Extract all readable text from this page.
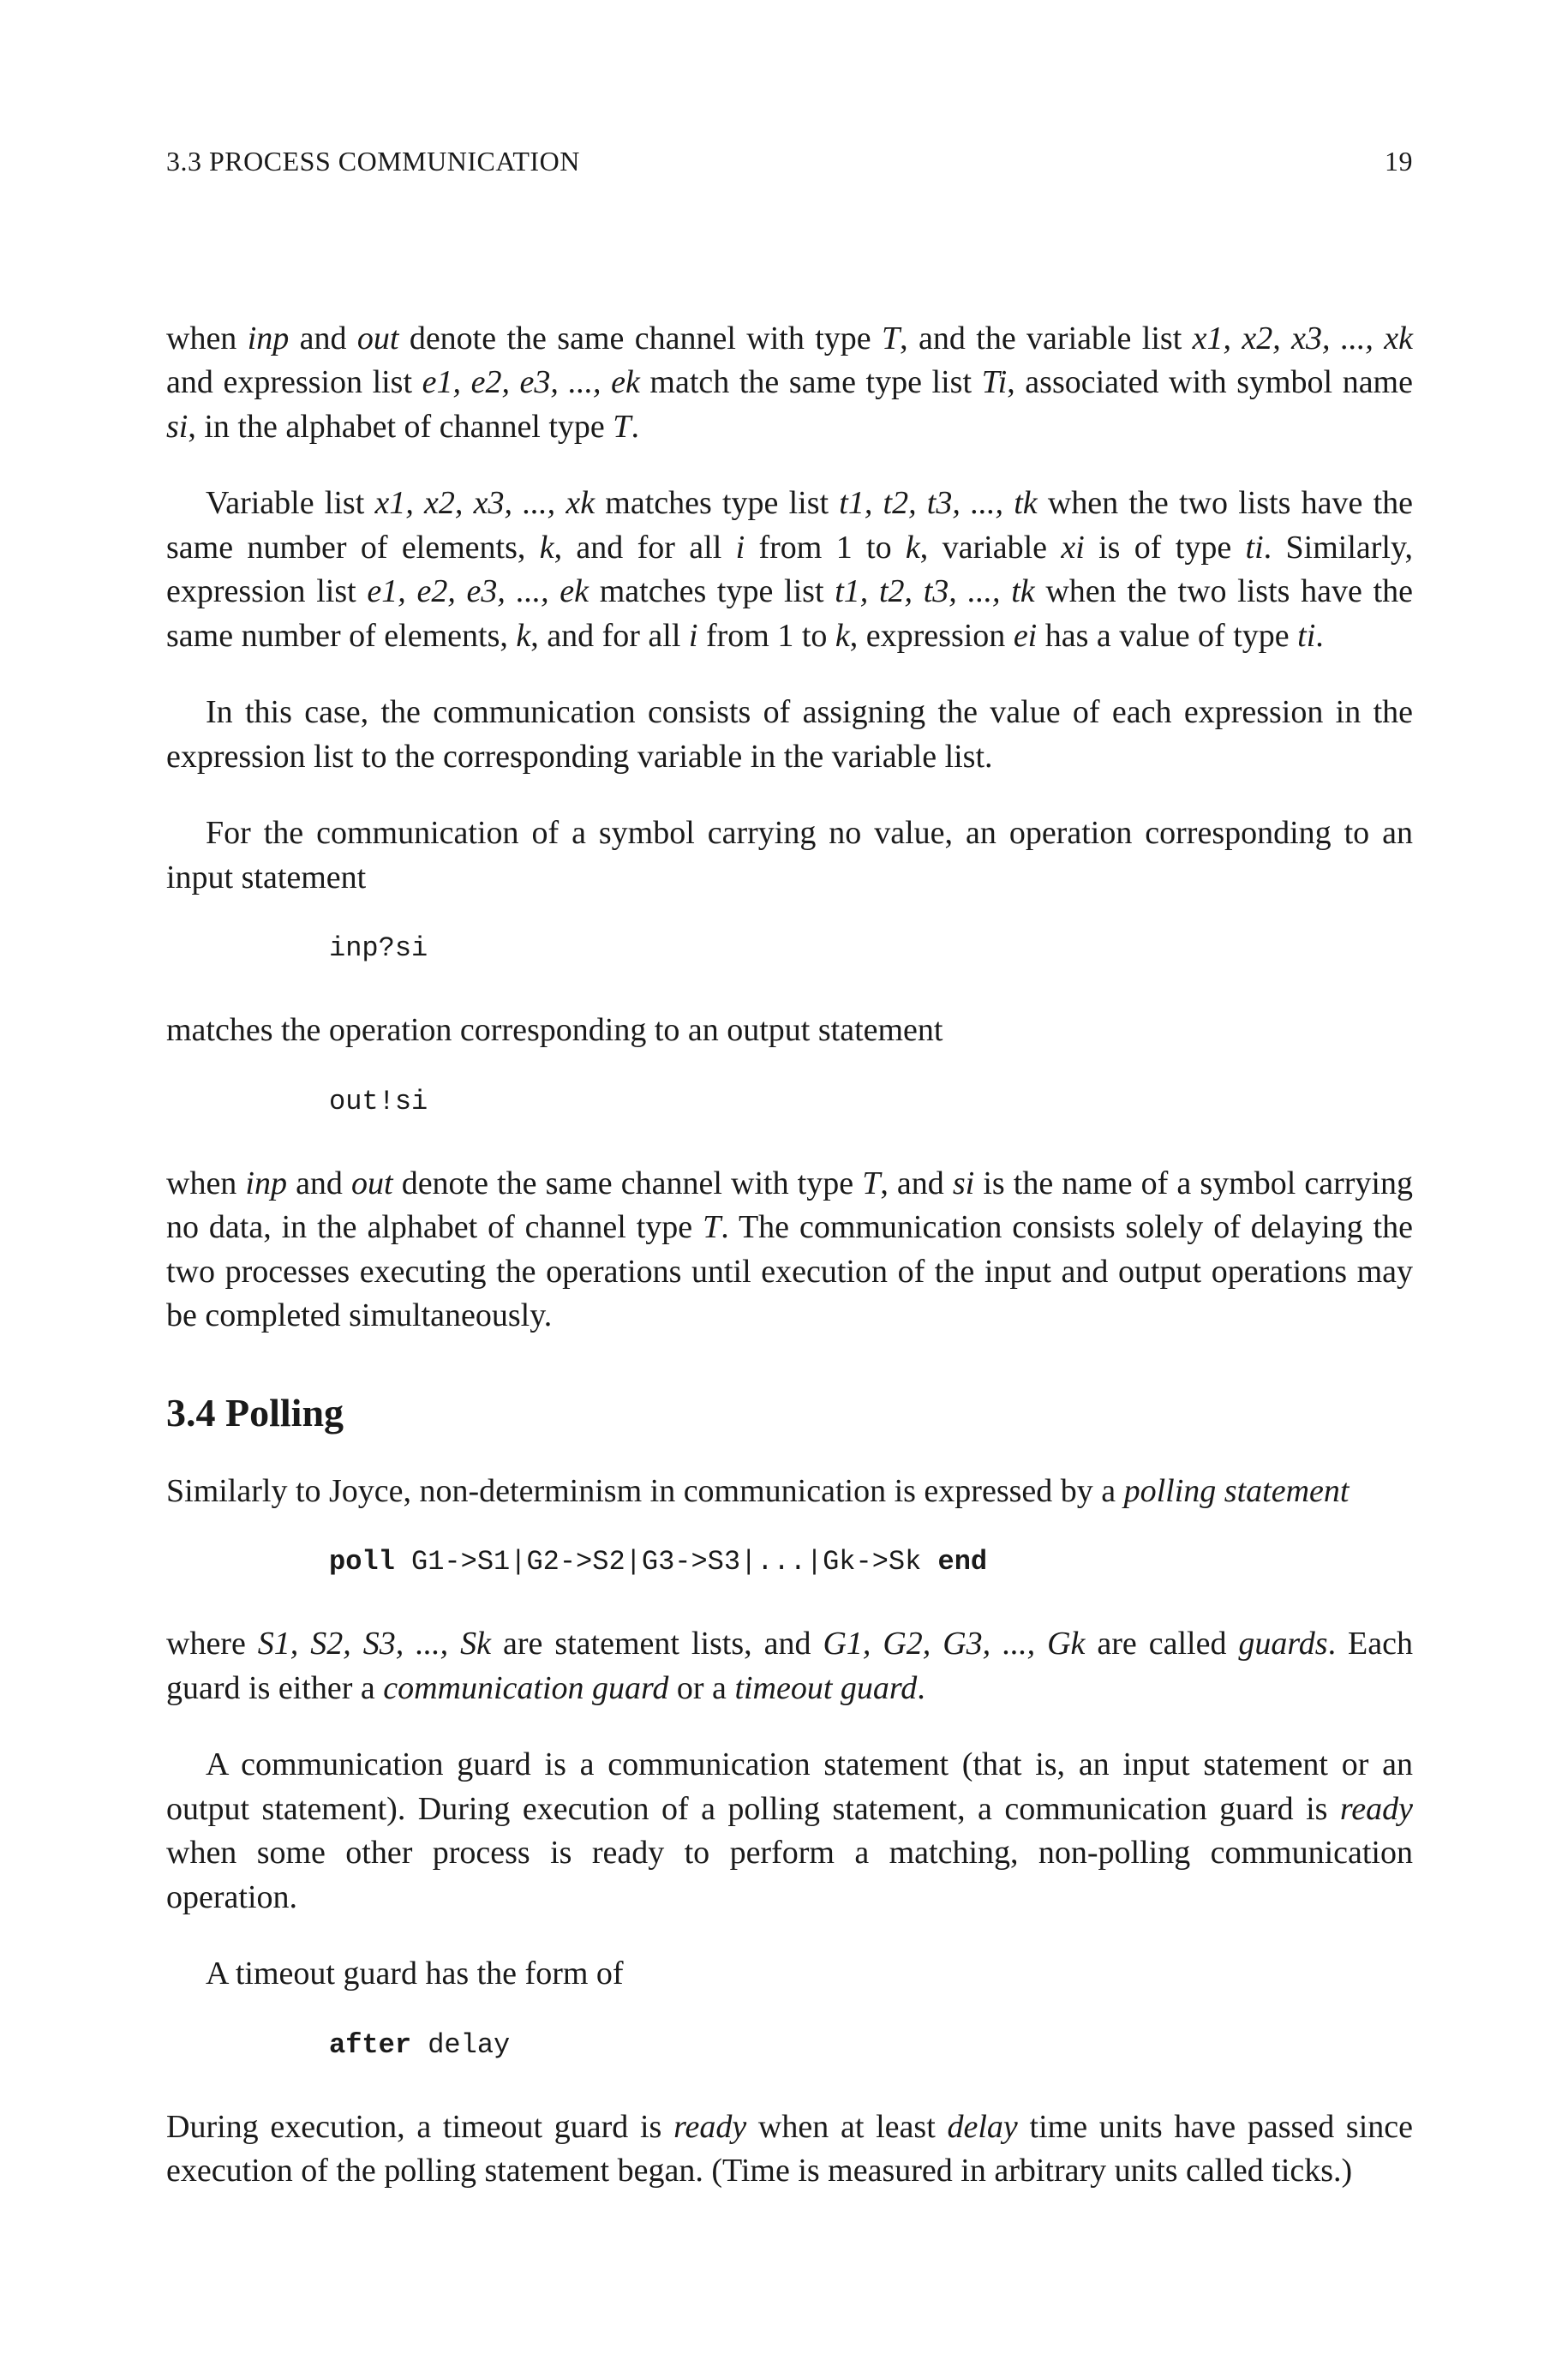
3.3 PROCESS COMMUNICATION	19

when inp and out denote the same channel with type T, and the variable list x1, x2, x3, ..., xk and expression list e1, e2, e3, ..., ek match the same type list Ti, associated with symbol name si, in the alphabet of channel type T.

Variable list x1, x2, x3, ..., xk matches type list t1, t2, t3, ..., tk when the two lists have the same number of elements, k, and for all i from 1 to k, variable xi is of type ti. Similarly, expression list e1, e2, e3, ..., ek matches type list t1, t2, t3, ..., tk when the two lists have the same number of elements, k, and for all i from 1 to k, expression ei has a value of type ti.

In this case, the communication consists of assigning the value of each expression in the expression list to the corresponding variable in the variable list.

For the communication of a symbol carrying no value, an operation corresponding to an input statement

inp?si

matches the operation corresponding to an output statement

out!si

when inp and out denote the same channel with type T, and si is the name of a symbol carrying no data, in the alphabet of channel type T. The communication consists solely of delaying the two processes executing the operations until execution of the input and output operations may be completed simultaneously.

3.4 Polling

Similarly to Joyce, non-determinism in communication is expressed by a polling statement

poll G1->S1|G2->S2|G3->S3|...|Gk->Sk end

where S1, S2, S3, ..., Sk are statement lists, and G1, G2, G3, ..., Gk are called guards. Each guard is either a communication guard or a timeout guard.

A communication guard is a communication statement (that is, an input statement or an output statement). During execution of a polling statement, a communication guard is ready when some other process is ready to perform a matching, non-polling communication operation.

A timeout guard has the form of

after delay

During execution, a timeout guard is ready when at least delay time units have passed since execution of the polling statement began. (Time is measured in arbitrary units called ticks.)
